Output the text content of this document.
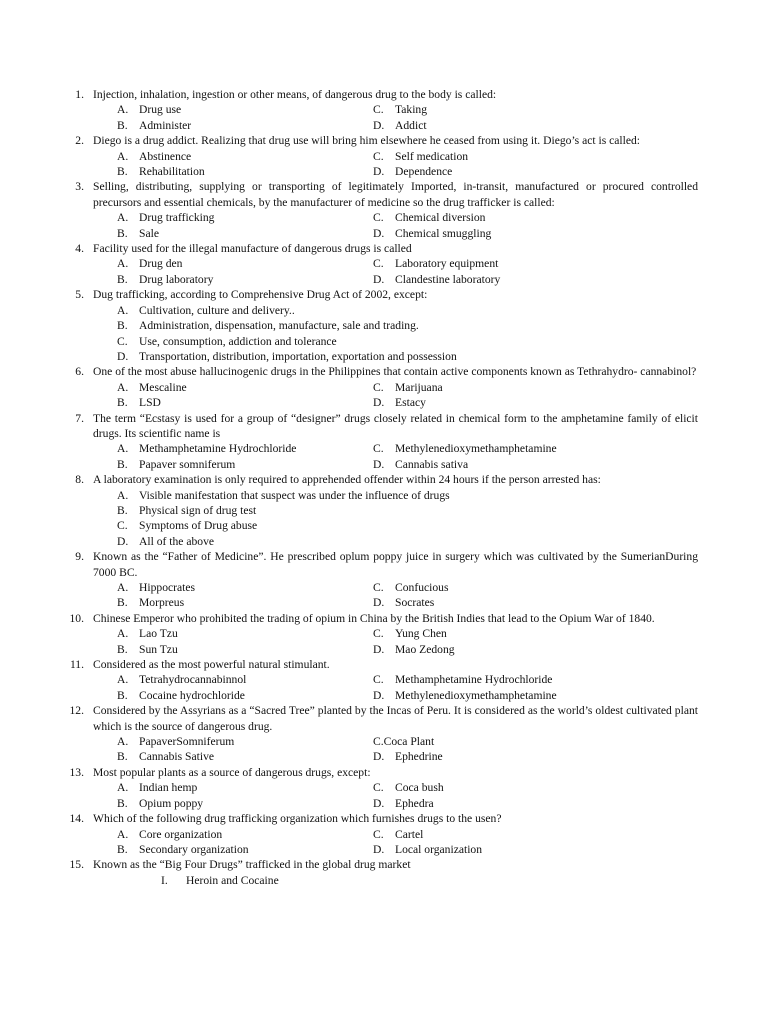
1. Injection, inhalation, ingestion or other means, of dangerous drug to the body is called:
A. Drug use	C. Taking
B. Administer	D. Addict
2. Diego is a drug addict. Realizing that drug use will bring him elsewhere he ceased from using it. Diego’s act is called:
A. Abstinence	C. Self medication
B. Rehabilitation	D. Dependence
3. Selling, distributing, supplying or transporting of legitimately Imported, in-transit, manufactured or procured controlled precursors and essential chemicals, by the manufacturer of medicine so the drug trafficker is called:
A. Drug trafficking	C. Chemical diversion
B. Sale	D. Chemical smuggling
4. Facility used for the illegal manufacture of dangerous drugs is called
A. Drug den	C. Laboratory equipment
B. Drug laboratory	D. Clandestine laboratory
5. Dug trafficking, according to Comprehensive Drug Act of 2002, except:
A. Cultivation, culture and delivery..
B. Administration, dispensation, manufacture, sale and trading.
C. Use, consumption, addiction and tolerance
D. Transportation, distribution, importation, exportation and possession
6. One of the most abuse hallucinogenic drugs in the Philippines that contain active components known as Tethrahydro- cannabinol?
A. Mescaline	C. Marijuana
B. LSD	D. Estacy
7. The term “Ecstasy is used for a group of “designer” drugs closely related in chemical form to the amphetamine family of elicit drugs. Its scientific name is
A. Methamphetamine Hydrochloride	C. Methylenedioxymethamphetamine
B. Papaver somniferum	D. Cannabis sativa
8. A laboratory examination is only required to apprehended offender within 24 hours if the person arrested has:
A. Visible manifestation that suspect was under the influence of drugs
B. Physical sign of drug test
C. Symptoms of Drug abuse
D. All of the above
9. Known as the “Father of Medicine”. He prescribed oplum poppy juice in surgery which was cultivated by the SumerianDuring 7000 BC.
A. Hippocrates	C. Confucious
B. Morpreus	D. Socrates
10. Chinese Emperor who prohibited the trading of opium in China by the British Indies that lead to the Opium War of 1840.
A. Lao Tzu	C. Yung Chen
B. Sun Tzu	D. Mao Zedong
11. Considered as the most powerful natural stimulant.
A. Tetrahydrocannabinnol	C. Methamphetamine Hydrochloride
B. Cocaine hydrochloride	D. Methylenedioxymethamphetamine
12. Considered by the Assyrians as a “Sacred Tree” planted by the Incas of Peru. It is considered as the world’s oldest cultivated plant which is the source of dangerous drug.
A. PapaverSomniferum	C.Coca Plant
B. Cannabis Sative	D. Ephedrine
13. Most popular plants as a source of dangerous drugs, except:
A. Indian hemp	C. Coca bush
B. Opium poppy	D. Ephedra
14. Which of the following drug trafficking organization which furnishes drugs to the usen?
A. Core organization	C. Cartel
B. Secondary organization	D. Local organization
15. Known as the “Big Four Drugs” trafficked in the global drug market
I.	Heroin and Cocaine
